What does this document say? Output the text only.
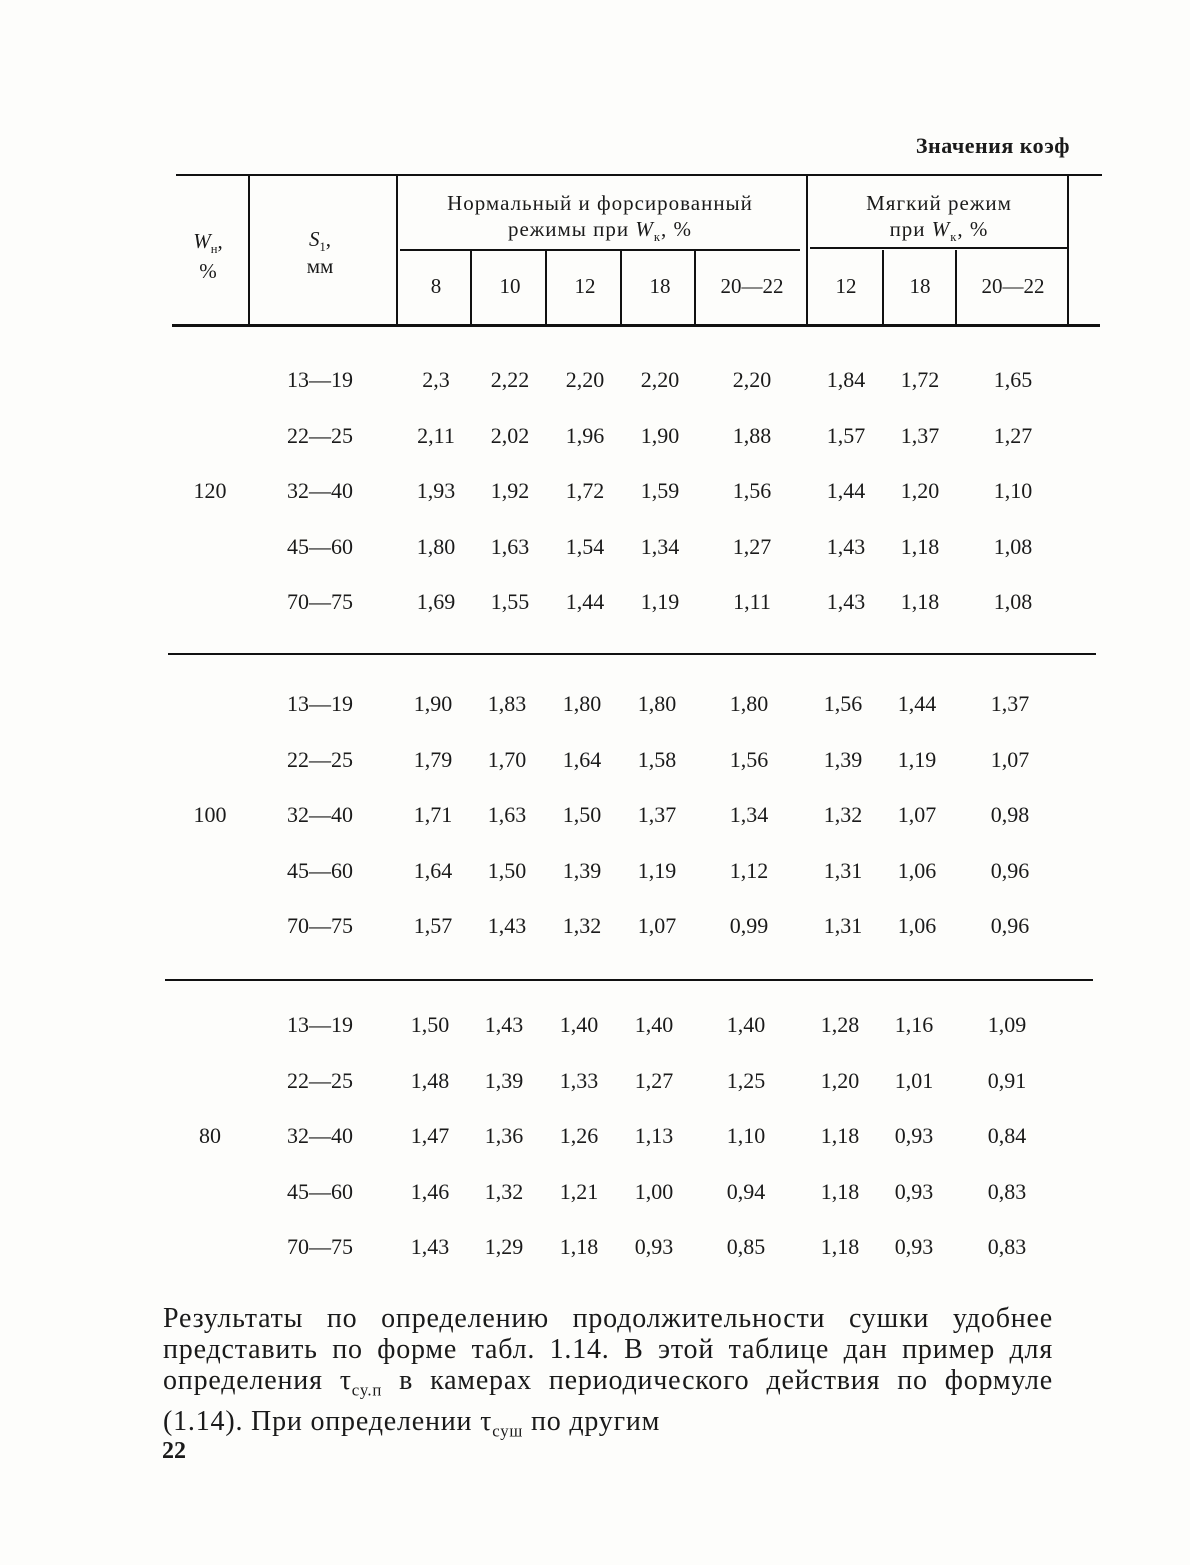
Значения коэф
$W_н$,
%
$S_1$,
мм
Нормальный и форсированный
режимы при $W_к$, %
Мягкий режим
при $W_к$, %
8	10	12	18	20—22	12	18	20—22
120
13—19	2,3	2,22	2,20	2,20	2,20	1,84	1,72	1,65
22—25	2,11	2,02	1,96	1,90	1,88	1,57	1,37	1,27
32—40	1,93	1,92	1,72	1,59	1,56	1,44	1,20	1,10
45—60	1,80	1,63	1,54	1,34	1,27	1,43	1,18	1,08
70—75	1,69	1,55	1,44	1,19	1,11	1,43	1,18	1,08
100
13—19	1,90	1,83	1,80	1,80	1,80	1,56	1,44	1,37
22—25	1,79	1,70	1,64	1,58	1,56	1,39	1,19	1,07
32—40	1,71	1,63	1,50	1,37	1,34	1,32	1,07	0,98
45—60	1,64	1,50	1,39	1,19	1,12	1,31	1,06	0,96
70—75	1,57	1,43	1,32	1,07	0,99	1,31	1,06	0,96
80
13—19	1,50	1,43	1,40	1,40	1,40	1,28	1,16	1,09
22—25	1,48	1,39	1,33	1,27	1,25	1,20	1,01	0,91
32—40	1,47	1,36	1,26	1,13	1,10	1,18	0,93	0,84
45—60	1,46	1,32	1,21	1,00	0,94	1,18	0,93	0,83
70—75	1,43	1,29	1,18	0,93	0,85	1,18	0,93	0,83
Результаты по определению продолжительности сушки удобнее представить по форме табл. 1.14. В этой таблице дан пример для определения $\tau_{су.п}$ в камерах периодического действия по формуле (1.14). При определении $\tau_{суш}$ по другим
22
